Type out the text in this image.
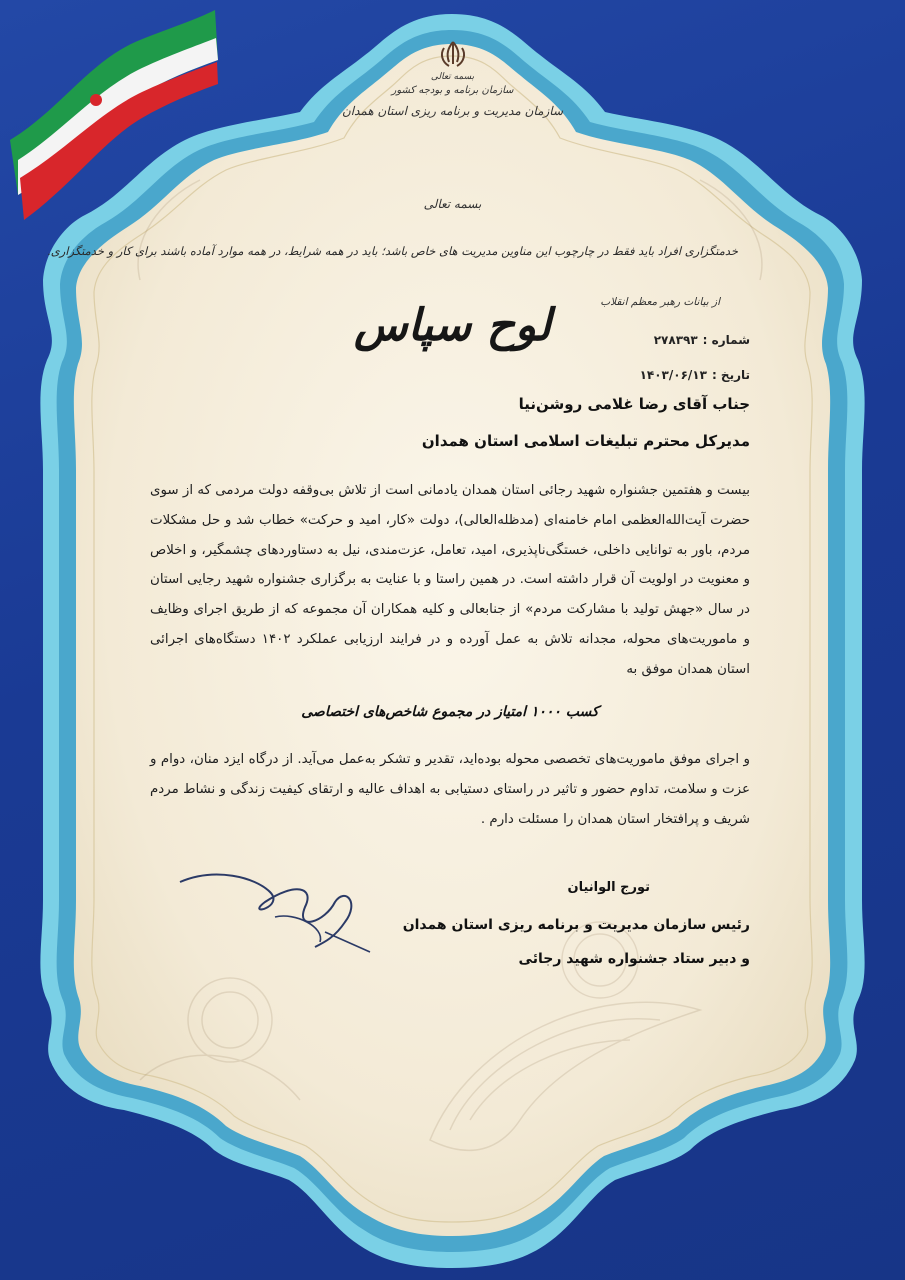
بسمه تعالی
سازمان برنامه و بودجه کشور
سازمان مدیریت و برنامه ریزی استان همدان
بسمه تعالی
خدمتگزاری افراد باید فقط در چارچوب این مناوین مدیریت های خاص باشد؛ باید در همه شرایط، در همه موارد آماده باشند برای کار و خدمتگزاری.
از بیانات رهبر معظم انقلاب
لوح سپاس	شماره :۲۷۸۳۹۳
تاریخ :۱۴۰۳/۰۶/۱۳
جناب آقای رضا غلامی روشن‌نیا
مدیرکل محترم تبلیغات اسلامی استان همدان
بیست و هفتمین جشنواره شهید رجائی استان همدان یادمانی است از تلاش بی‌وقفه دولت مردمی که از سوی حضرت آیت‌الله‌العظمی امام خامنه‌ای (مدظله‌العالی)، دولت «کار، امید و حرکت» خطاب شد و حل مشکلات مردم، باور به توانایی داخلی، خستگی‌ناپذیری، امید، تعامل، عزت‌مندی، نیل به دستاوردهای چشمگیر، و اخلاص و معنویت در اولویت آن قرار داشته است. در همین راستا و با عنایت به برگزاری جشنواره شهید رجایی استان در سال «جهش تولید با مشارکت مردم» از جنابعالی و کلیه همکاران آن مجموعه که از طریق اجرای وظایف و ماموریت‌های محوله، مجدانه تلاش به عمل آورده و در فرایند ارزیابی عملکرد ۱۴۰۲ دستگاه‌های اجرائی استان همدان موفق به
کسب ۱۰۰۰ امتیاز در مجموع شاخص‌های اختصاصی
و اجرای موفق ماموریت‌های تخصصی محوله بوده‌اید، تقدیر و تشکر به‌عمل می‌آید. از درگاه ایزد منان، دوام و عزت و سلامت، تداوم حضور و تاثیر در راستای دستیابی به اهداف عالیه و ارتقای کیفیت زندگی و نشاط مردم شریف و پرافتخار استان همدان را مسئلت دارم .
تورج الوانیان
رئیس سازمان مدیریت و برنامه ریزی استان همدان
و دبیر ستاد جشنواره شهید رجائی
